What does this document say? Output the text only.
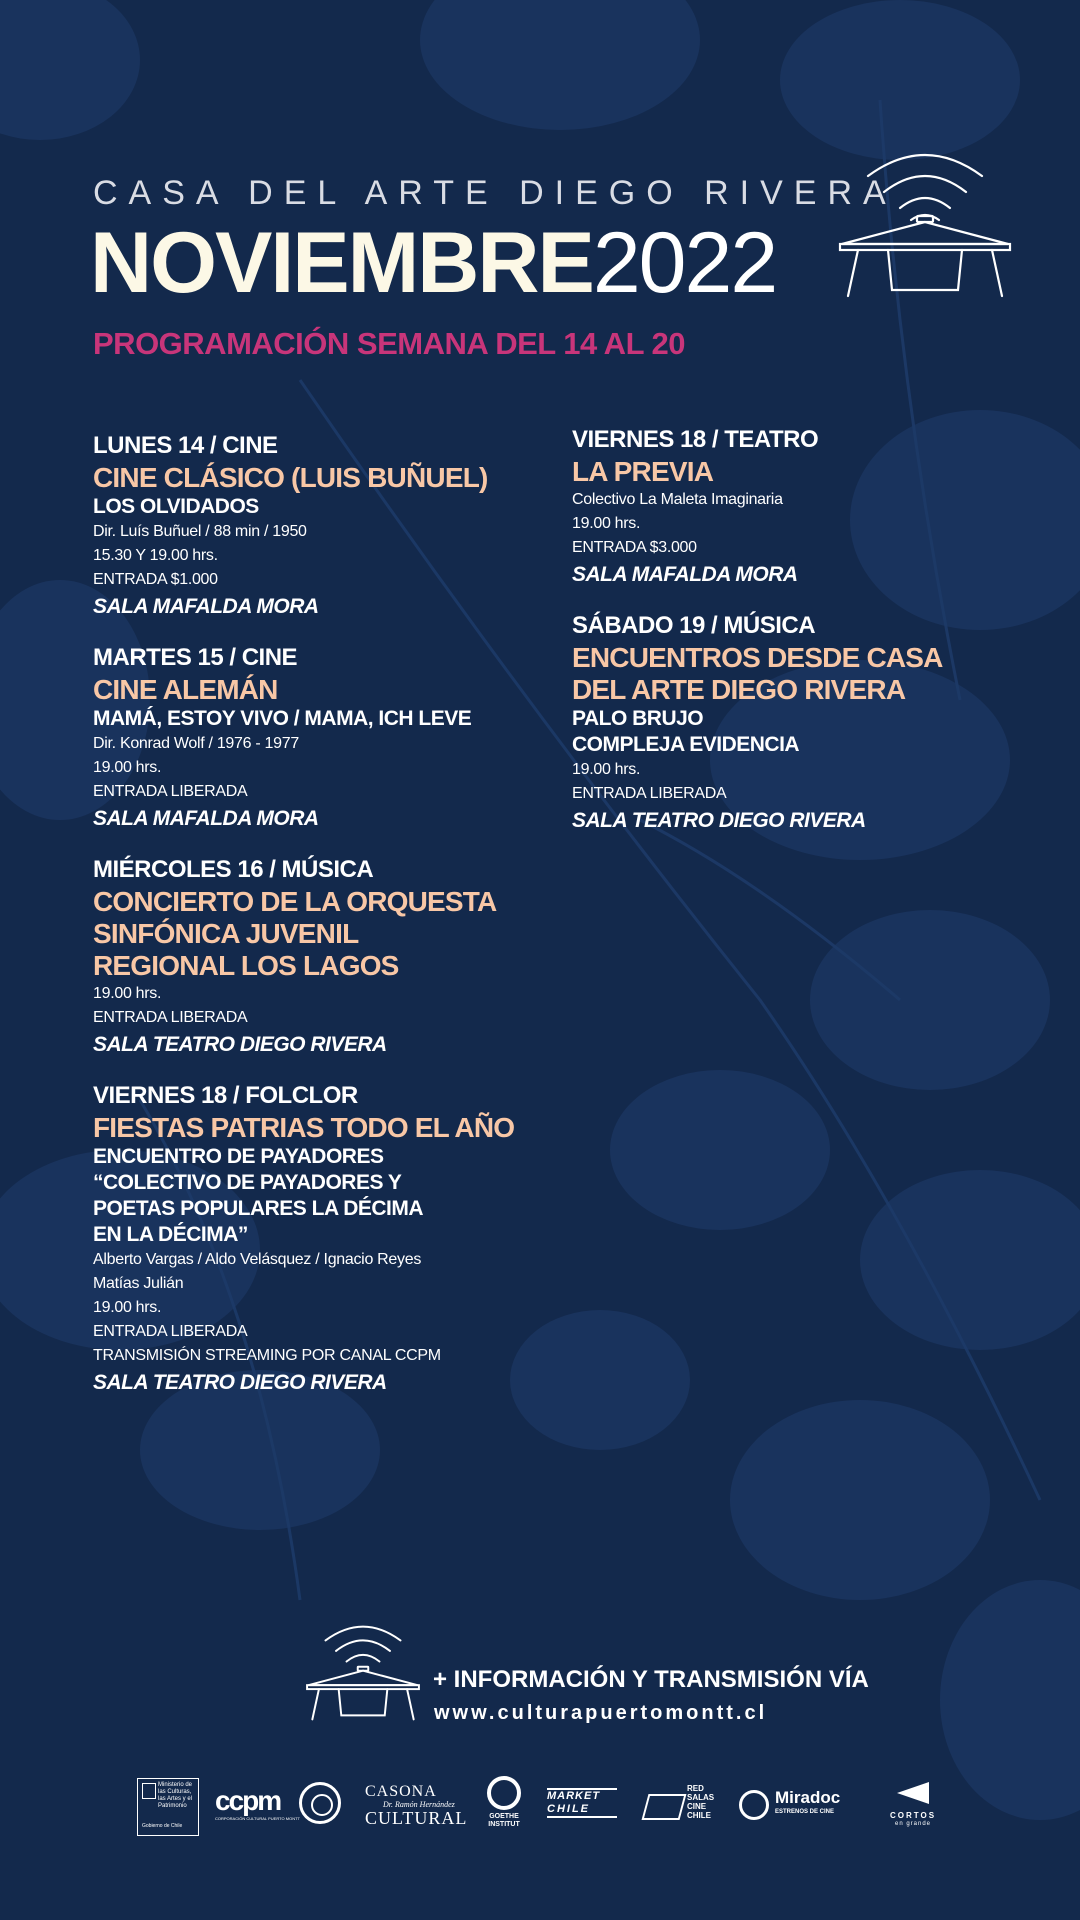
CASA DEL ARTE DIEGO RIVERA
NOVIEMBRE2022
PROGRAMACIÓN SEMANA DEL 14 AL 20
LUNES 14 / CINE
CINE CLÁSICO (LUIS BUÑUEL)
LOS OLVIDADOS
Dir. Luís Buñuel / 88 min / 1950
15.30 Y 19.00 hrs.
ENTRADA $1.000
SALA MAFALDA MORA
MARTES 15 / CINE
CINE ALEMÁN
MAMÁ, ESTOY VIVO / MAMA, ICH LEVE
Dir. Konrad Wolf / 1976 - 1977
19.00 hrs.
ENTRADA LIBERADA
SALA MAFALDA MORA
MIÉRCOLES 16 / MÚSICA
CONCIERTO DE LA ORQUESTA
SINFÓNICA JUVENIL
REGIONAL LOS LAGOS
19.00 hrs.
ENTRADA LIBERADA
SALA TEATRO DIEGO RIVERA
VIERNES 18 / FOLCLOR
FIESTAS PATRIAS TODO EL AÑO
ENCUENTRO DE PAYADORES
“COLECTIVO DE PAYADORES Y
POETAS POPULARES LA DÉCIMA
EN LA DÉCIMA”
Alberto Vargas / Aldo Velásquez / Ignacio Reyes
Matías Julián
19.00 hrs.
ENTRADA LIBERADA
TRANSMISIÓN STREAMING POR CANAL CCPM
SALA TEATRO DIEGO RIVERA
VIERNES 18 / TEATRO
LA PREVIA
Colectivo La Maleta Imaginaria
19.00 hrs.
ENTRADA $3.000
SALA MAFALDA MORA
SÁBADO 19 / MÚSICA
ENCUENTROS DESDE CASA
DEL ARTE DIEGO RIVERA
PALO BRUJO
COMPLEJA EVIDENCIA
19.00 hrs.
ENTRADA LIBERADA
SALA TEATRO DIEGO RIVERA
+ INFORMACIÓN Y TRANSMISIÓN VÍA
www.culturapuertomontt.cl
Ministerio de
las Culturas,
las Artes y el
Patrimonio
Gobierno de Chile
ccpm
CORPORACIÓN CULTURAL PUERTO MONTT
CASONA
Dr. Ramón Hernández
CULTURAL	GOETHE
INSTITUT
MARKET
CHILE
RED
SALAS
CINE
CHILE
Miradoc
ESTRENOS DE CINE	CORTOS
en grande
